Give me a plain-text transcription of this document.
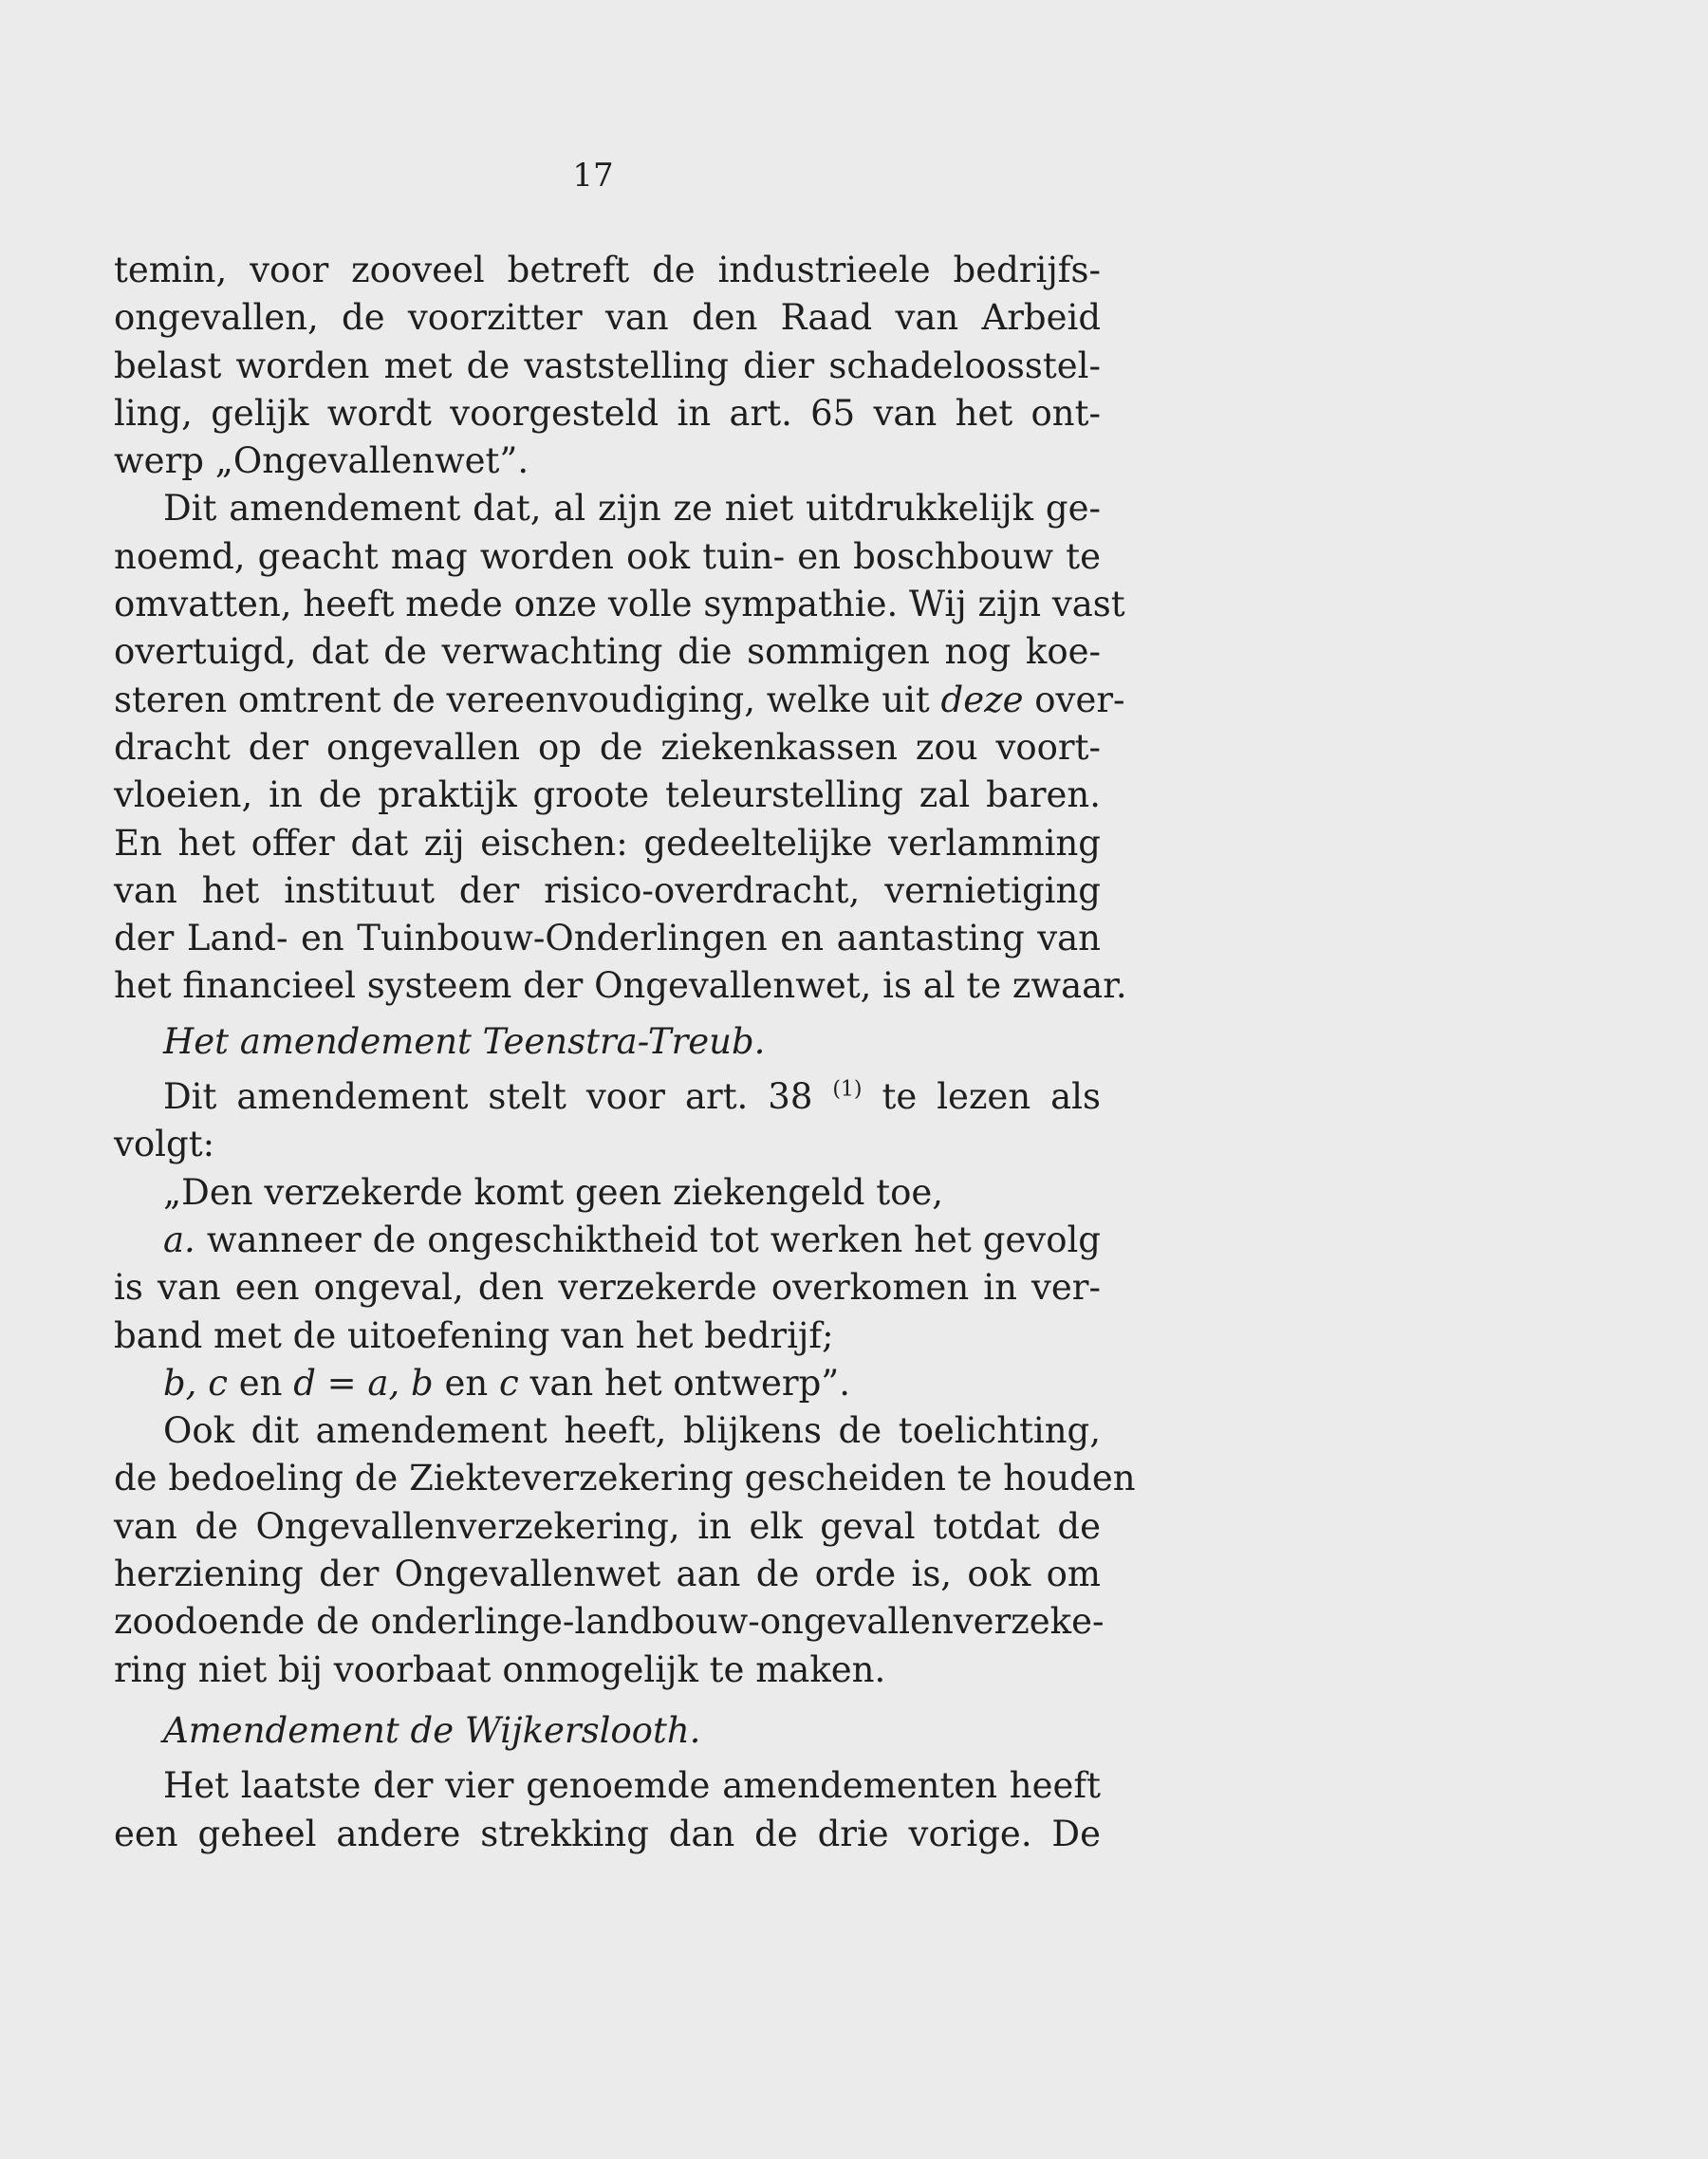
17
temin, voor zooveel betreft de industrieele bedrijfs-
ongevallen, de voorzitter van den Raad van Arbeid
belast worden met de vaststelling dier schadeloosstel-
ling, gelijk wordt voorgesteld in art. 65 van het ont-
werp „Ongevallenwet”.
Dit amendement dat, al zijn ze niet uitdrukkelijk ge-
noemd, geacht mag worden ook tuin- en boschbouw te
omvatten, heeft mede onze volle sympathie. Wij zijn vast
overtuigd, dat de verwachting die sommigen nog koe-
steren omtrent de vereenvoudiging, welke uit deze over-
dracht der ongevallen op de ziekenkassen zou voort-
vloeien, in de praktijk groote teleurstelling zal baren.
En het offer dat zij eischen: gedeeltelijke verlamming
van het instituut der risico-overdracht, vernietiging
der Land- en Tuinbouw-Onderlingen en aantasting van
het financieel systeem der Ongevallenwet, is al te zwaar.
Het amendement Teenstra-Treub.
Dit amendement stelt voor art. 38 $^{(1)}$ te lezen als
volgt:
„Den verzekerde komt geen ziekengeld toe,
a. wanneer de ongeschiktheid tot werken het gevolg
is van een ongeval, den verzekerde overkomen in ver-
band met de uitoefening van het bedrijf;
b, c en d = a, b en c van het ontwerp”.
Ook dit amendement heeft, blijkens de toelichting,
de bedoeling de Ziekteverzekering gescheiden te houden
van de Ongevallenverzekering, in elk geval totdat de
herziening der Ongevallenwet aan de orde is, ook om
zoodoende de onderlinge-landbouw-ongevallenverzeke-
ring niet bij voorbaat onmogelijk te maken.
Amendement de Wijkerslooth.
Het laatste der vier genoemde amendementen heeft
een geheel andere strekking dan de drie vorige. De
